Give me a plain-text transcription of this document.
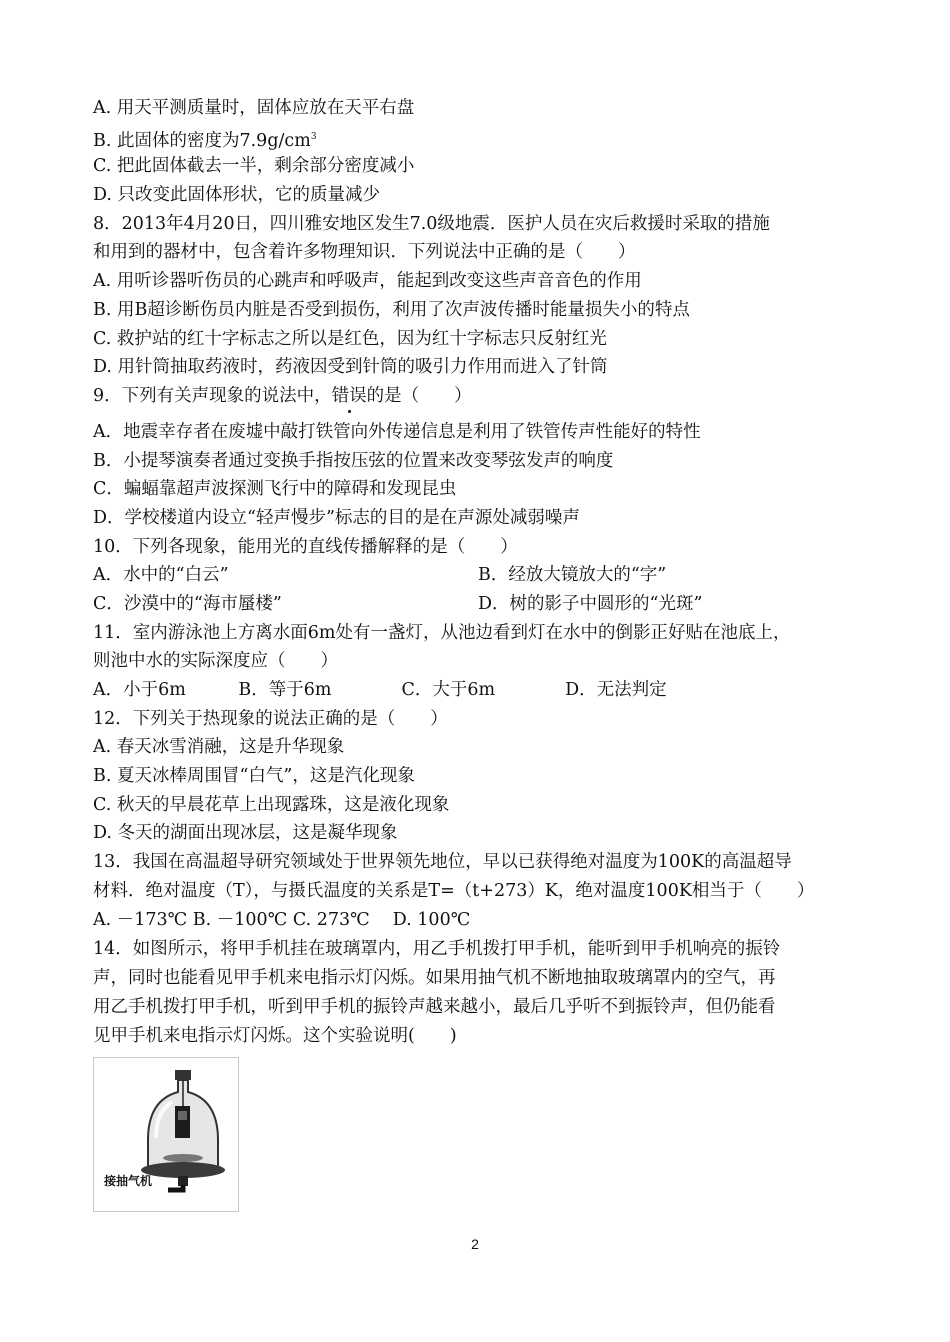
A. 用天平测质量时，固体应放在天平右盘
B. 此固体的密度为$7.9g/cm^3$
C. 把此固体截去一半，剩余部分密度减小
D. 只改变此固体形状，它的质量减少
8．2013年4月20日，四川雅安地区发生7.0级地震．医护人员在灾后救援时采取的措施
和用到的器材中，包含着许多物理知识．下列说法中正确的是（　　）
A. 用听诊器听伤员的心跳声和呼吸声，能起到改变这些声音音色的作用
B. 用B超诊断伤员内脏是否受到损伤，利用了次声波传播时能量损失小的特点
C. 救护站的红十字标志之所以是红色，因为红十字标志只反射红光
D. 用针筒抽取药液时，药液因受到针筒的吸引力作用而进入了针筒
9．下列有关声现象的说法中，错误的是（　　）
A．地震幸存者在废墟中敲打铁管向外传递信息是利用了铁管传声性能好的特性
B．小提琴演奏者通过变换手指按压弦的位置来改变琴弦发声的响度
C．蝙蝠靠超声波探测飞行中的障碍和发现昆虫
D．学校楼道内设立“轻声慢步”标志的目的是在声源处减弱噪声
10．下列各现象，能用光的直线传播解释的是（　　）
A．水中的“白云”	B．经放大镜放大的“字”
C．沙漠中的“海市蜃楼”	D．树的影子中圆形的“光斑”
11．室内游泳池上方离水面6m处有一盏灯，从池边看到灯在水中的倒影正好贴在池底上，
则池中水的实际深度应（　　）
A．小于6m　　　B．等于6m　　　　C．大于6m　　　　D．无法判定
12．下列关于热现象的说法正确的是（　　）
A. 春天冰雪消融，这是升华现象
B. 夏天冰棒周围冒“白气”，这是汽化现象
C. 秋天的早晨花草上出现露珠，这是液化现象
D. 冬天的湖面出现冰层，这是凝华现象
13．我国在高温超导研究领域处于世界领先地位，早以已获得绝对温度为100K的高温超导
材料．绝对温度（T），与摄氏温度的关系是T=（t+273）K，绝对温度100K相当于（　　）
A. －173℃ B. －100℃ C. 273℃　 D. 100℃
14．如图所示，将甲手机挂在玻璃罩内，用乙手机拨打甲手机，能听到甲手机响亮的振铃
声，同时也能看见甲手机来电指示灯闪烁。如果用抽气机不断地抽取玻璃罩内的空气，再
用乙手机拨打甲手机，听到甲手机的振铃声越来越小，最后几乎听不到振铃声，但仍能看
见甲手机来电指示灯闪烁。这个实验说明(　　)
接抽气机
2
